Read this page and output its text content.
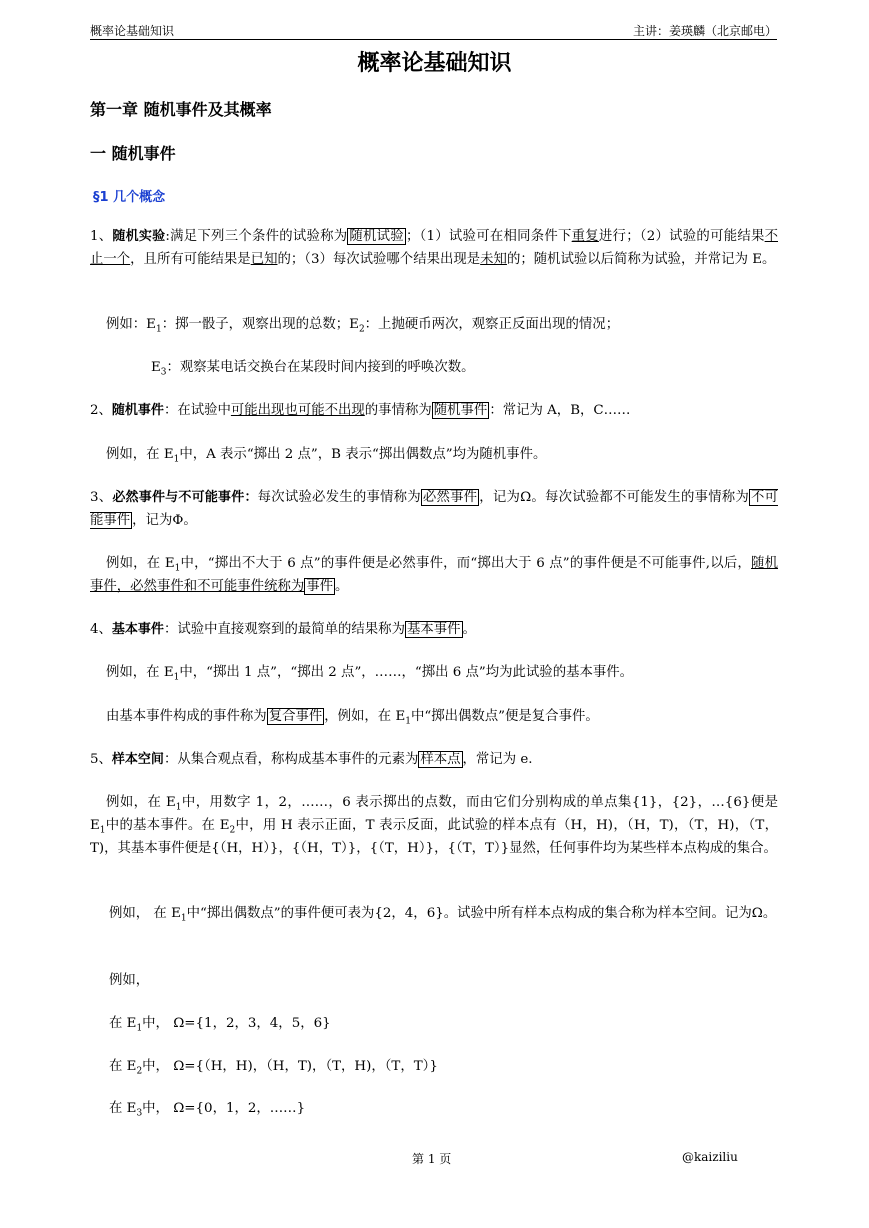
概率论基础知识	主讲：姜瑛麟（北京邮电）
概率论基础知识
第一章 随机事件及其概率
一 随机事件
§1 几个概念
1、随机实验:满足下列三个条件的试验称为 随机试验 ；（1）试验可在相同条件下重复进行；（2）试验的可能结果不止一个，且所有可能结果是已知的；（3）每次试验哪个结果出现是未知的；随机试验以后简称为试验，并常记为 E。
例如：$E_1$：掷一骰子，观察出现的总数；$E_2$：上抛硬币两次，观察正反面出现的情况；
$E_3$：观察某电话交换台在某段时间内接到的呼唤次数。
2、随机事件：在试验中可能出现也可能不出现的事情称为 随机事件 ：常记为 A，B，C……
例如，在 $E_1$中，A 表示“掷出 2 点”，B 表示“掷出偶数点”均为随机事件。
3、必然事件与不可能事件：每次试验必发生的事情称为 必然事件 ，记为Ω。每次试验都不可能发生的事情称为 不可能事件 ，记为Φ。
例如，在 $E_1$中，“掷出不大于 6 点”的事件便是必然事件，而“掷出大于 6 点”的事件便是不可能事件,以后，随机事件，必然事件和不可能事件统称为 事件 。
4、基本事件：试验中直接观察到的最简单的结果称为 基本事件 。
例如，在 $E_1$中，“掷出 1 点”，“掷出 2 点”，……，“掷出 6 点”均为此试验的基本事件。
由基本事件构成的事件称为 复合事件 ，例如，在 $E_1$中“掷出偶数点”便是复合事件。
5、样本空间：从集合观点看，称构成基本事件的元素为 样本点 ，常记为 e.
例如，在 $E_1$中，用数字 1，2，……，6 表示掷出的点数，而由它们分别构成的单点集{1}，{2}，…{6}便是 $E_1$中的基本事件。在 $E_2$中，用 H 表示正面，T 表示反面，此试验的样本点有（H，H)，（H，T)，（T，H)，（T，T)，其基本事件便是{（H，H）}，{（H，T）}，{（T，H）}，{（T，T）}显然，任何事件均为某些样本点构成的集合。
例如， 在 $E_1$中“掷出偶数点”的事件便可表为{2，4，6}。试验中所有样本点构成的集合称为样本空间。记为Ω。
例如，
在 $E_1$中， Ω={1，2，3，4，5，6}
在 $E_2$中， Ω={（H，H)，（H，T)，（T，H)，（T，T）}
在 $E_3$中， Ω={0，1，2，……}
第 1 页	@kaiziliu
